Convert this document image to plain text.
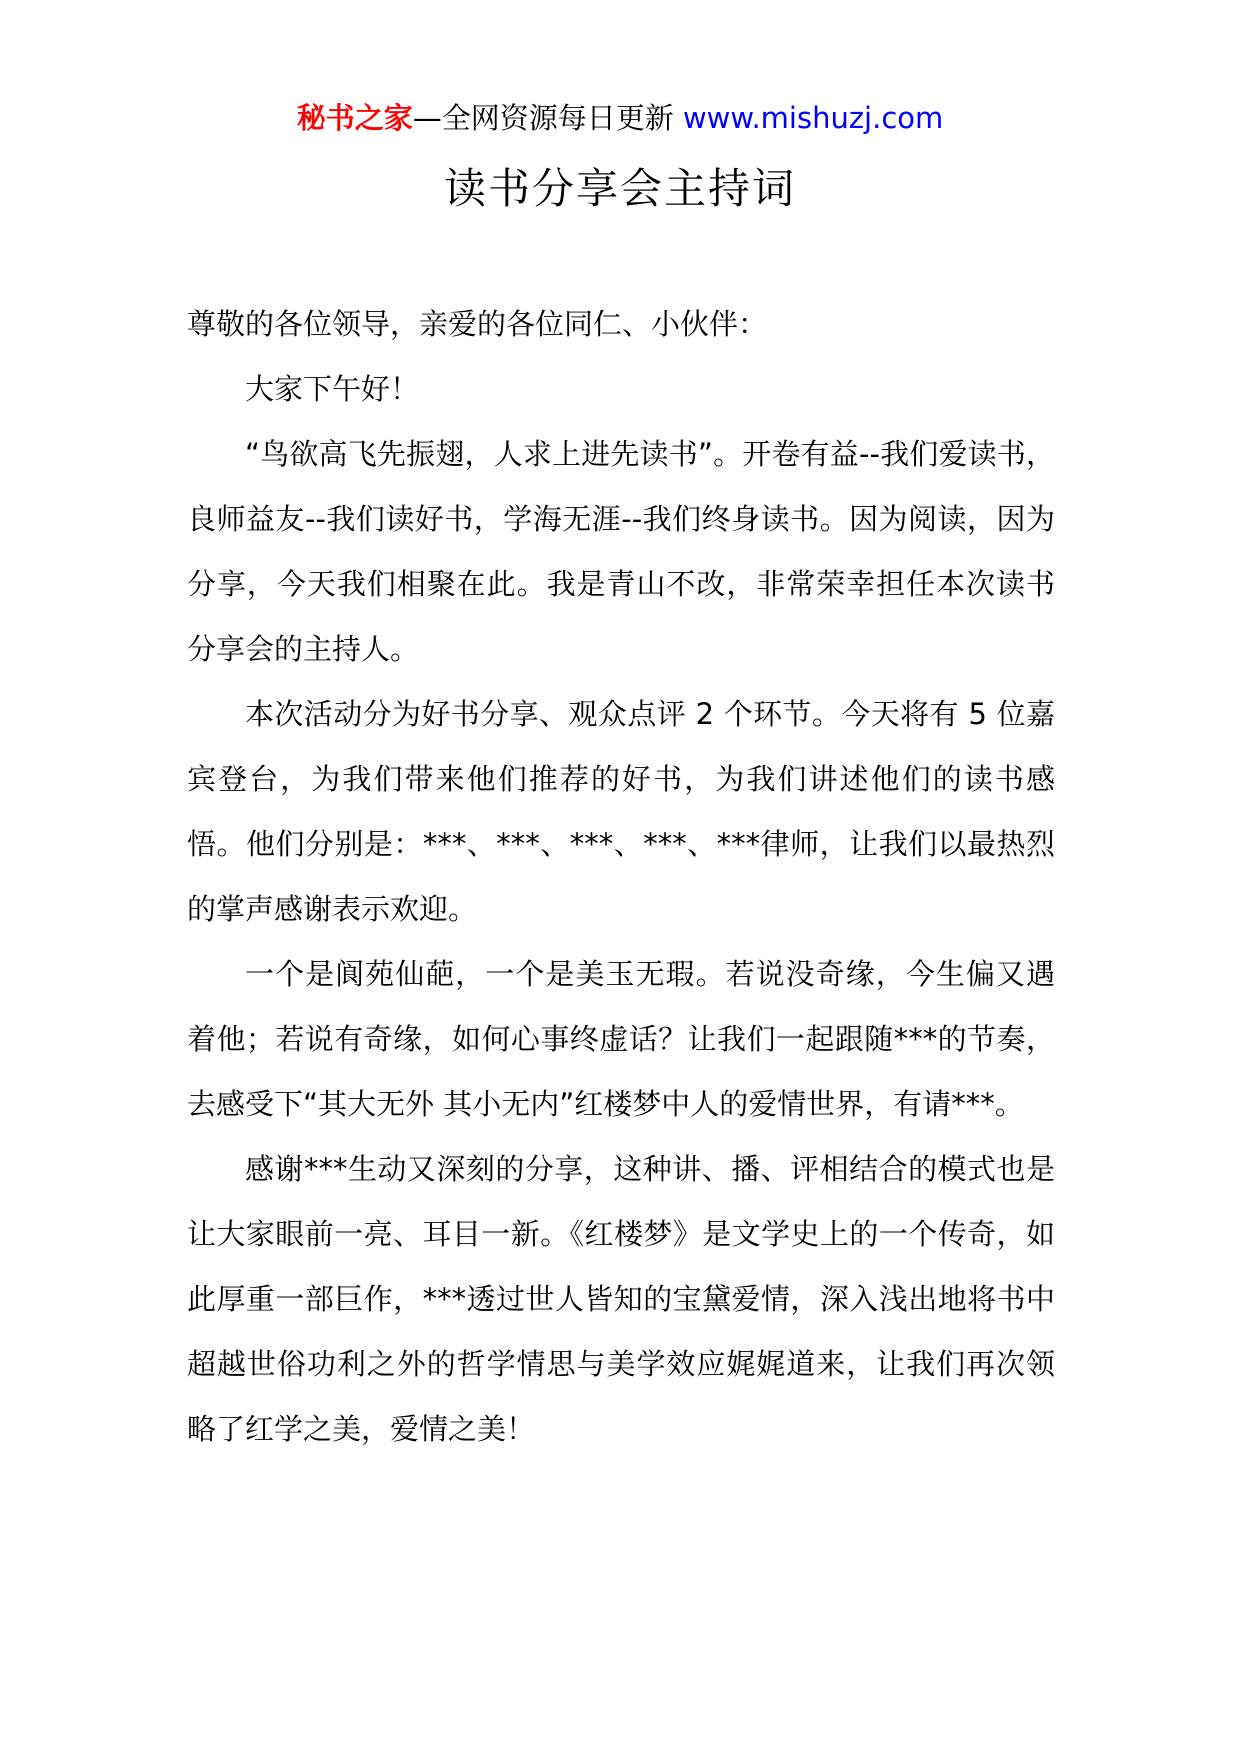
秘书之家—全网资源每日更新 www.mishuzj.com
读书分享会主持词

尊敬的各位领导，亲爱的各位同仁、小伙伴：

大家下午好！

“鸟欲高飞先振翅，人求上进先读书”。开卷有益--我们爱读书，良师益友--我们读好书，学海无涯--我们终身读书。因为阅读，因为分享，今天我们相聚在此。我是青山不改，非常荣幸担任本次读书分享会的主持人。

本次活动分为好书分享、观众点评 2 个环节。今天将有 5 位嘉宾登台，为我们带来他们推荐的好书，为我们讲述他们的读书感悟。他们分别是：***、***、***、***、***律师，让我们以最热烈的掌声感谢表示欢迎。

一个是阆苑仙葩，一个是美玉无瑕。若说没奇缘，今生偏又遇着他；若说有奇缘，如何心事终虚话？让我们一起跟随***的节奏，去感受下“其大无外 其小无内”红楼梦中人的爱情世界，有请***。

感谢***生动又深刻的分享，这种讲、播、评相结合的模式也是让大家眼前一亮、耳目一新。《红楼梦》是文学史上的一个传奇，如此厚重一部巨作，***透过世人皆知的宝黛爱情，深入浅出地将书中超越世俗功利之外的哲学情思与美学效应娓娓道来，让我们再次领略了红学之美，爱情之美！
